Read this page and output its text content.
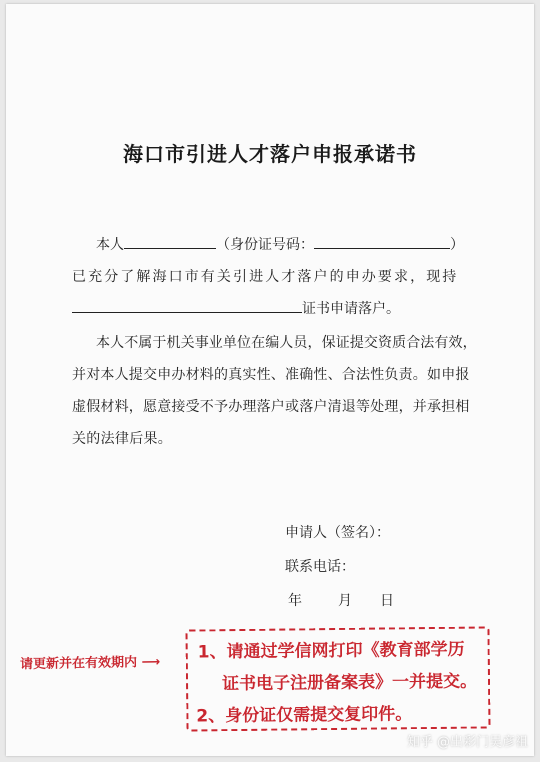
海口市引进人才落户申报承诺书
本人	（身份证号码：	）
已充分了解海口市有关引进人才落户的申办要求，现持
证书申请落户。
本人不属于机关事业单位在编人员，保证提交资质合法有效，
并对本人提交申办材料的真实性、准确性、合法性负责。如申报
虚假材料，愿意接受不予办理落户或落户清退等处理，并承担相
关的法律后果。
申请人（签名）：
联系电话：
年	月 日
请更新并在有效期内 ⟶ 1、请通过学信网打印《教育部学历
证书电子注册备案表》一并提交。
2、身份证仅需提交复印件。
知乎 @出彩门吴彦祖
